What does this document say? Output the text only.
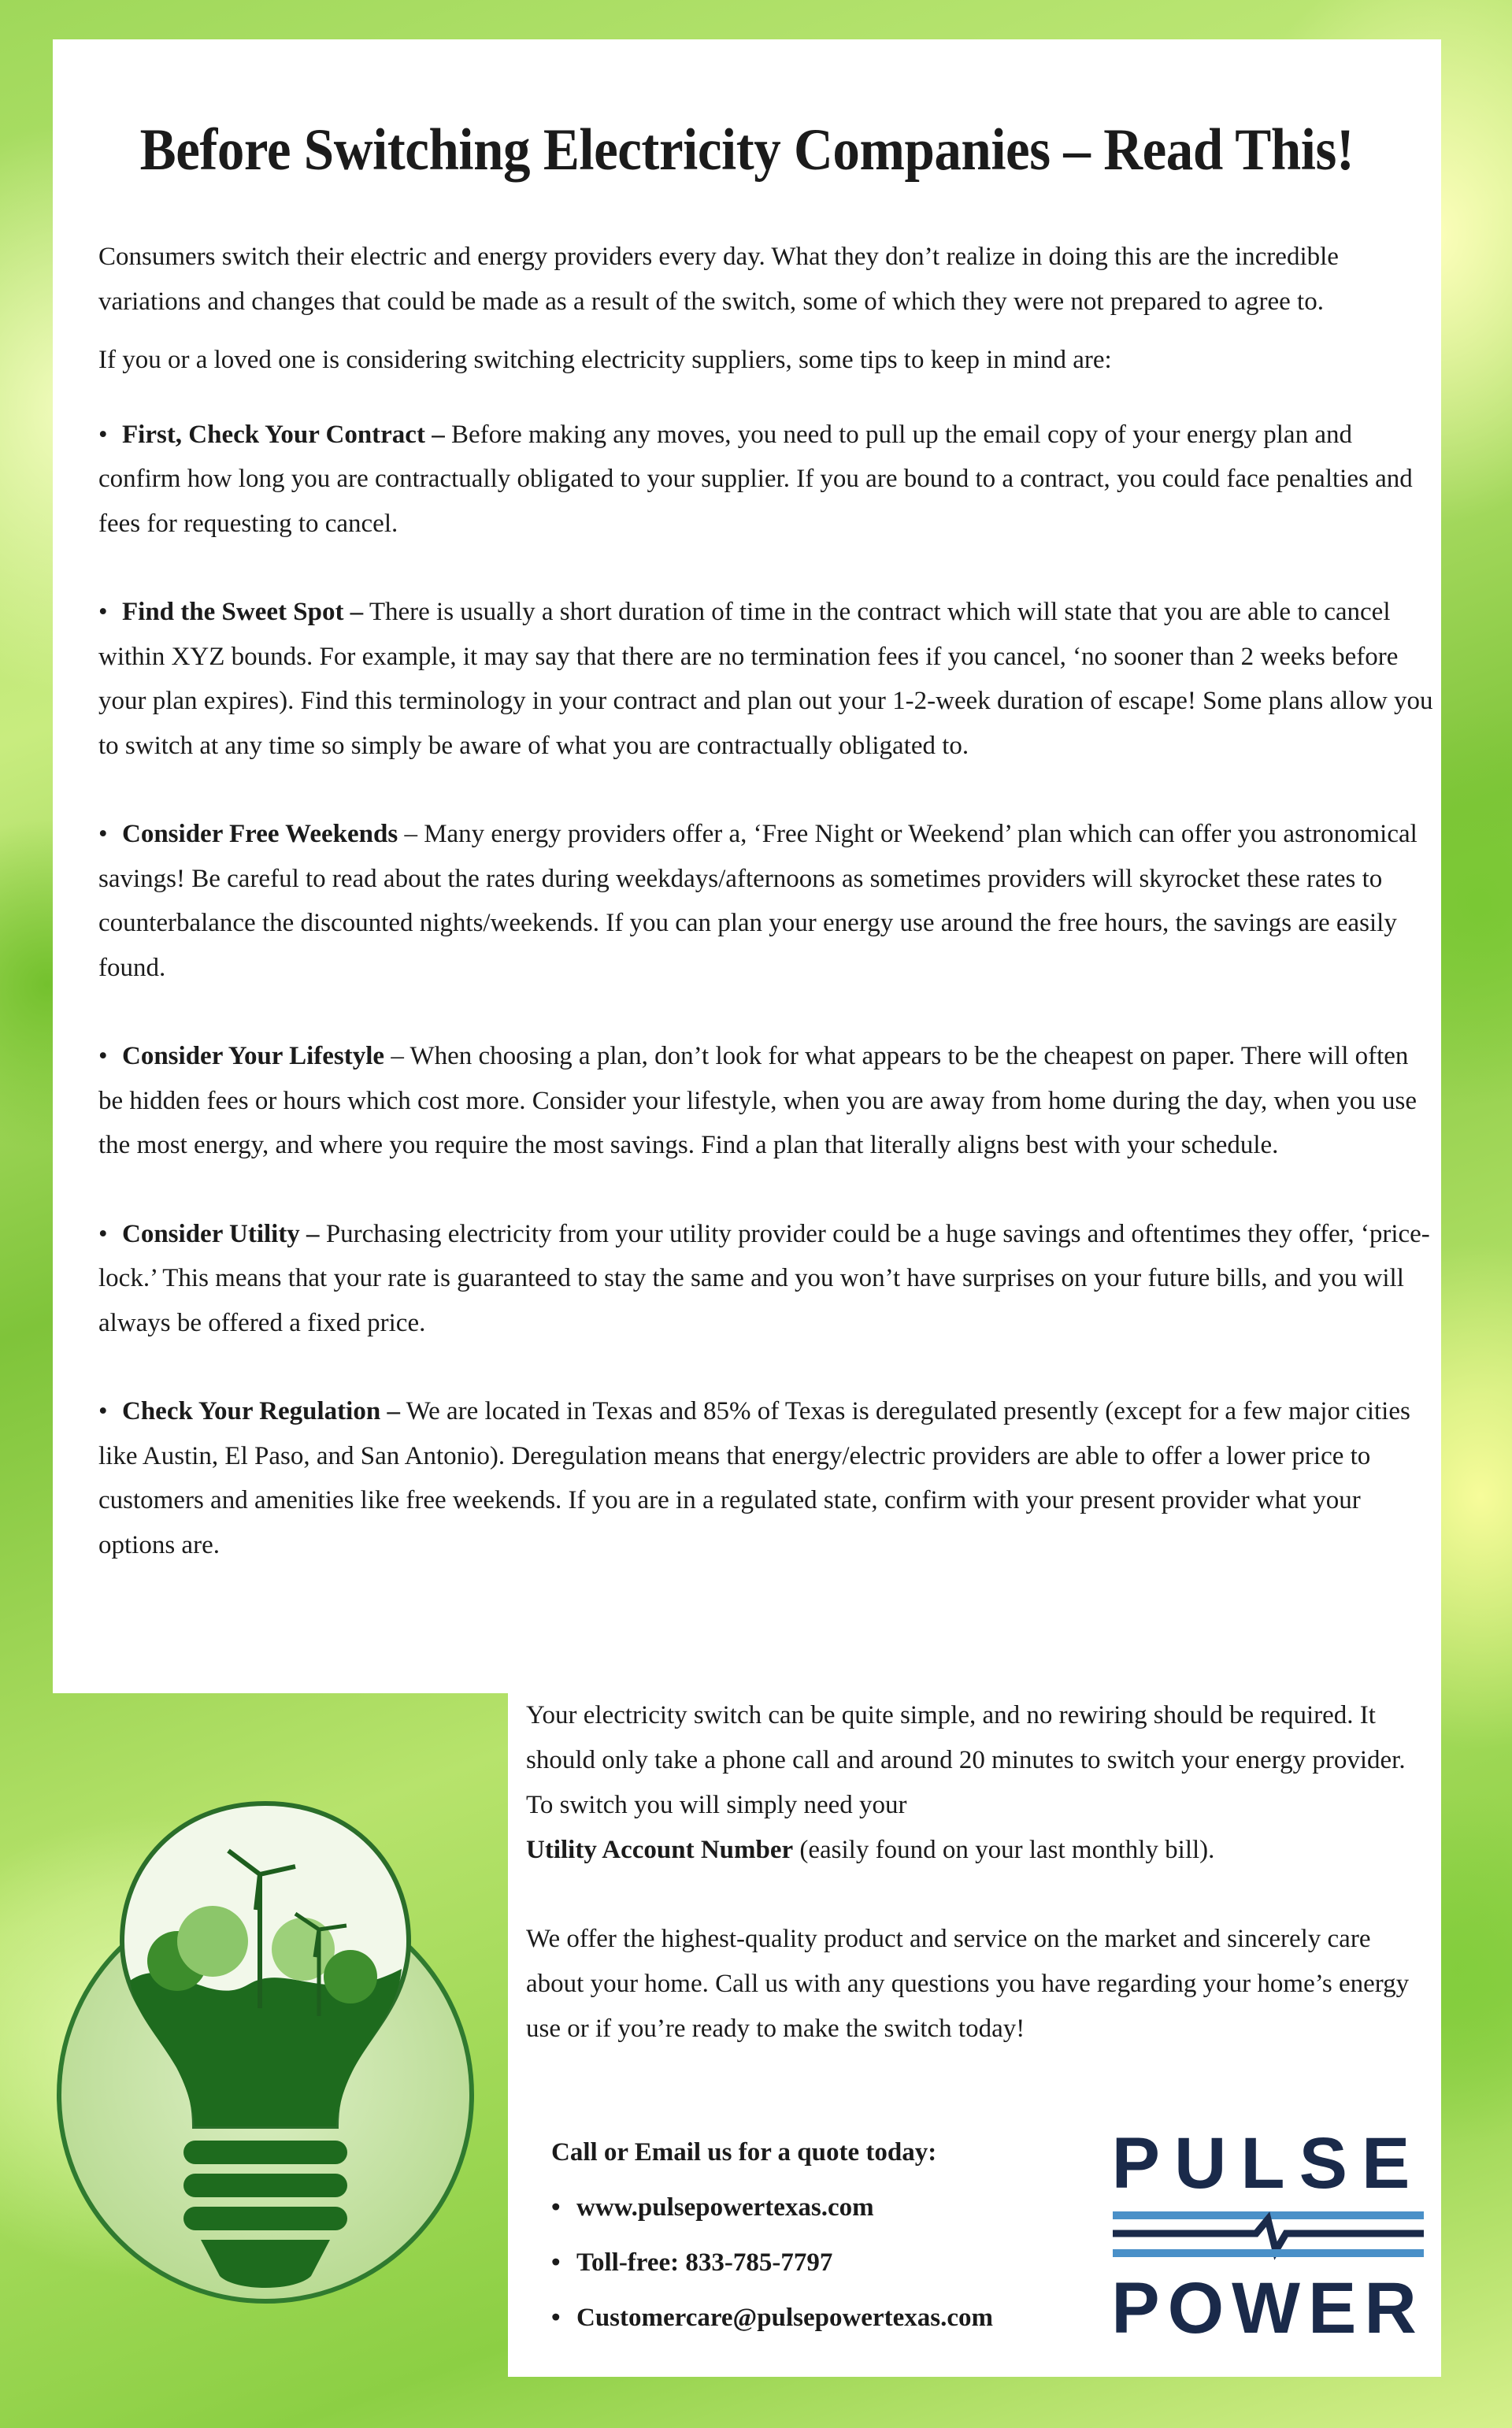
Before Switching Electricity Companies – Read This!

Consumers switch their electric and energy providers every day. What they don’t realize in doing this are the incredible variations and changes that could be made as a result of the switch, some of which they were not prepared to agree to.

If you or a loved one is considering switching electricity suppliers, some tips to keep in mind are:

• First, Check Your Contract – Before making any moves, you need to pull up the email copy of your energy plan and confirm how long you are contractually obligated to your supplier. If you are bound to a contract, you could face penalties and fees for requesting to cancel.
• Find the Sweet Spot – There is usually a short duration of time in the contract which will state that you are able to cancel within XYZ bounds. For example, it may say that there are no termination fees if you cancel, ‘no sooner than 2 weeks before your plan expires). Find this terminology in your contract and plan out your 1-2-week duration of escape! Some plans allow you to switch at any time so simply be aware of what you are contractually obligated to.
• Consider Free Weekends – Many energy providers offer a, ‘Free Night or Weekend’ plan which can offer you astronomical savings! Be careful to read about the rates during weekdays/afternoons as sometimes providers will skyrocket these rates to counterbalance the discounted nights/weekends. If you can plan your energy use around the free hours, the savings are easily found.
• Consider Your Lifestyle – When choosing a plan, don’t look for what appears to be the cheapest on paper. There will often be hidden fees or hours which cost more. Consider your lifestyle, when you are away from home during the day, when you use the most energy, and where you require the most savings. Find a plan that literally aligns best with your schedule.
• Consider Utility – Purchasing electricity from your utility provider could be a huge savings and oftentimes they offer, ‘price-lock.’ This means that your rate is guaranteed to stay the same and you won’t have surprises on your future bills, and you will always be offered a fixed price.
• Check Your Regulation – We are located in Texas and 85% of Texas is deregulated presently (except for a few major cities like Austin, El Paso, and San Antonio). Deregulation means that energy/electric providers are able to offer a lower price to customers and amenities like free weekends. If you are in a regulated state, confirm with your present provider what your options are.

Your electricity switch can be quite simple, and no rewiring should be required. It should only take a phone call and around 20 minutes to switch your energy provider. To switch you will simply need your
Utility Account Number (easily found on your last monthly bill).

We offer the highest-quality product and service on the market and sincerely care about your home. Call us with any questions you have regarding your home’s energy use or if you’re ready to make the switch today!

Call or Email us for a quote today:
• www.pulsepowertexas.com
• Toll-free: 833-785-7797
• Customercare@pulsepowertexas.com
PULSE
POWER
